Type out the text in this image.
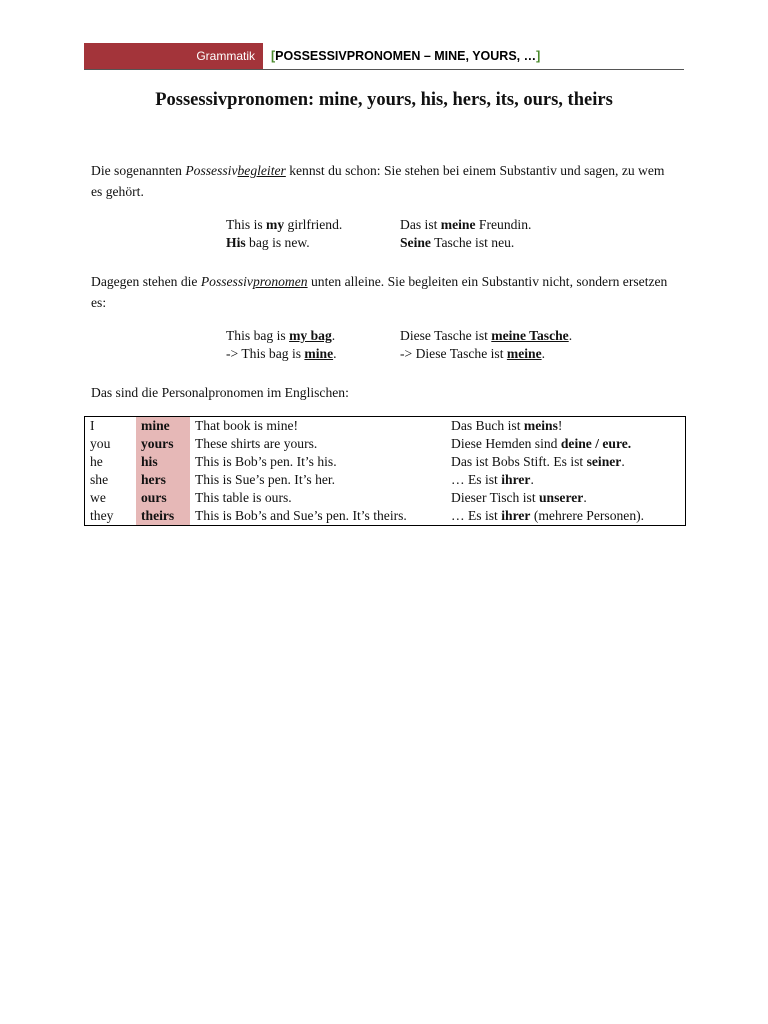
Grammatik	[POSSESSIVPRONOMEN – MINE, YOURS, …]
Possessivpronomen: mine, yours, his, hers, its, ours, theirs

Die sogenannten Possessivbegleiter kennst du schon: Sie stehen bei einem Substantiv und sagen, zu wem es gehört.

This is my girlfriend.	Das ist meine Freundin.
His bag is new.	Seine Tasche ist neu.

Dagegen stehen die Possessivpronomen unten alleine. Sie begleiten ein Substantiv nicht, sondern ersetzen es:

This bag is my bag.	Diese Tasche ist meine Tasche.
-> This bag is mine.	-> Diese Tasche ist meine.

Das sind die Personalpronomen im Englischen:

I	mine	That book is mine!	Das Buch ist meins!
you	yours	These shirts are yours.	Diese Hemden sind deine / eure.
he	his	This is Bob’s pen. It’s his.	Das ist Bobs Stift. Es ist seiner.
she	hers	This is Sue’s pen. It’s her.	… Es ist ihrer.
we	ours	This table is ours.	Dieser Tisch ist unserer.
they	theirs	This is Bob’s and Sue’s pen. It’s theirs.	… Es ist ihrer (mehrere Personen).
